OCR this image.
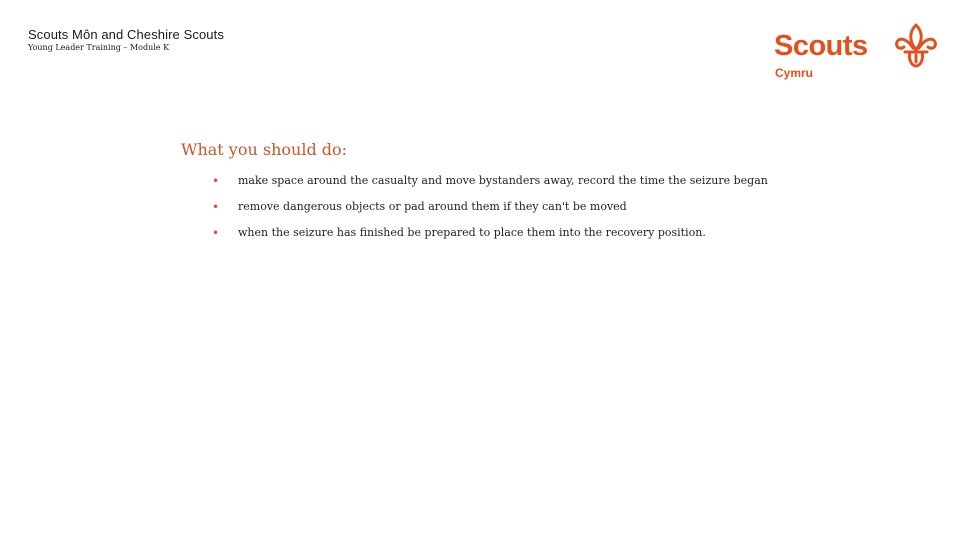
Scouts Môn and Cheshire Scouts
Young Leader Training – Module K	Scouts
Cymru
What you should do:
• make space around the casualty and move bystanders away, record the time the seizure began
• remove dangerous objects or pad around them if they can't be moved
• when the seizure has finished be prepared to place them into the recovery position.
